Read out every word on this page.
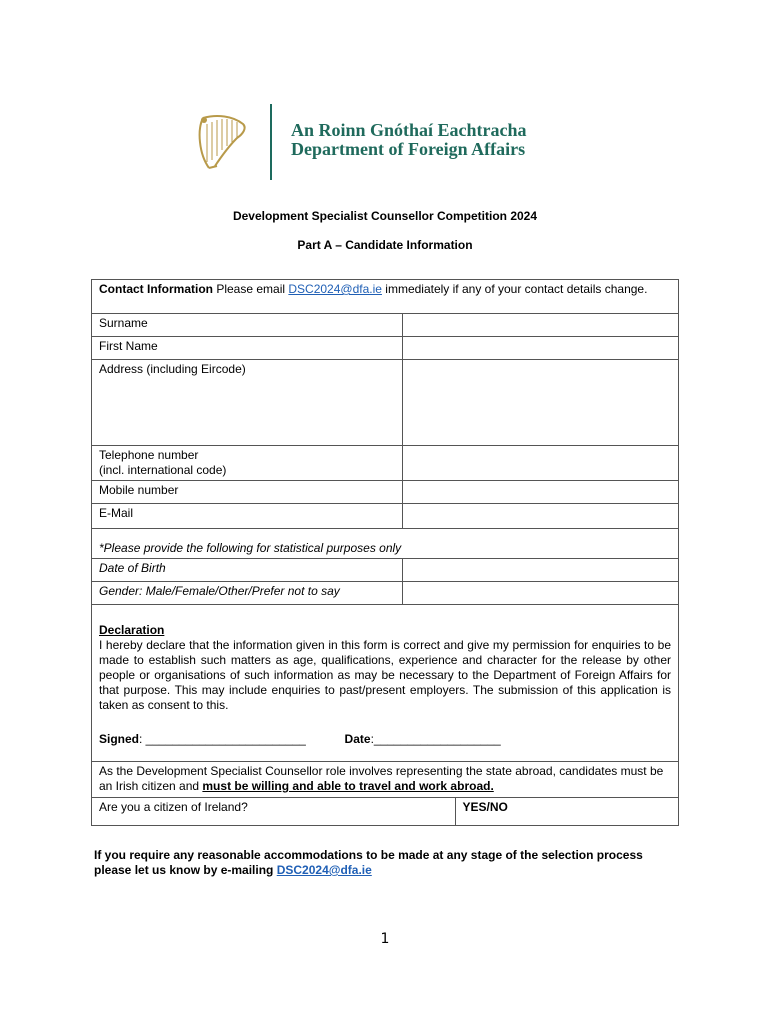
An Roinn Gnóthaí Eachtracha
Department of Foreign Affairs
Development Specialist Counsellor Competition 2024
Part A – Candidate Information
Contact Information Please email DSC2024@dfa.ie immediately if any of your contact details change.
Surname	
First Name	
Address (including Eircode)	

Telephone number
(incl. international code)

Mobile number	
E-Mail	
*Please provide the following for statistical purposes only
Date of Birth	
Gender: Male/Female/Other/Prefer not to say	

Declaration

I hereby declare that the information given in this form is correct and give my permission for enquiries to be made to establish such matters as age, qualifications, experience and character for the release by other people or organisations of such information as may be necessary to the Department of Foreign Affairs for that purpose. This may include enquiries to past/present employers. The submission of this application is taken as consent to this.

Signed: ________________________	Date:___________________

As the Development Specialist Counsellor role involves representing the state abroad, candidates must be an Irish citizen and must be willing and able to travel and work abroad.

Are you a citizen of Ireland?	YES/NO
If you require any reasonable accommodations to be made at any stage of the selection process please let us know by e-mailing DSC2024@dfa.ie
1
